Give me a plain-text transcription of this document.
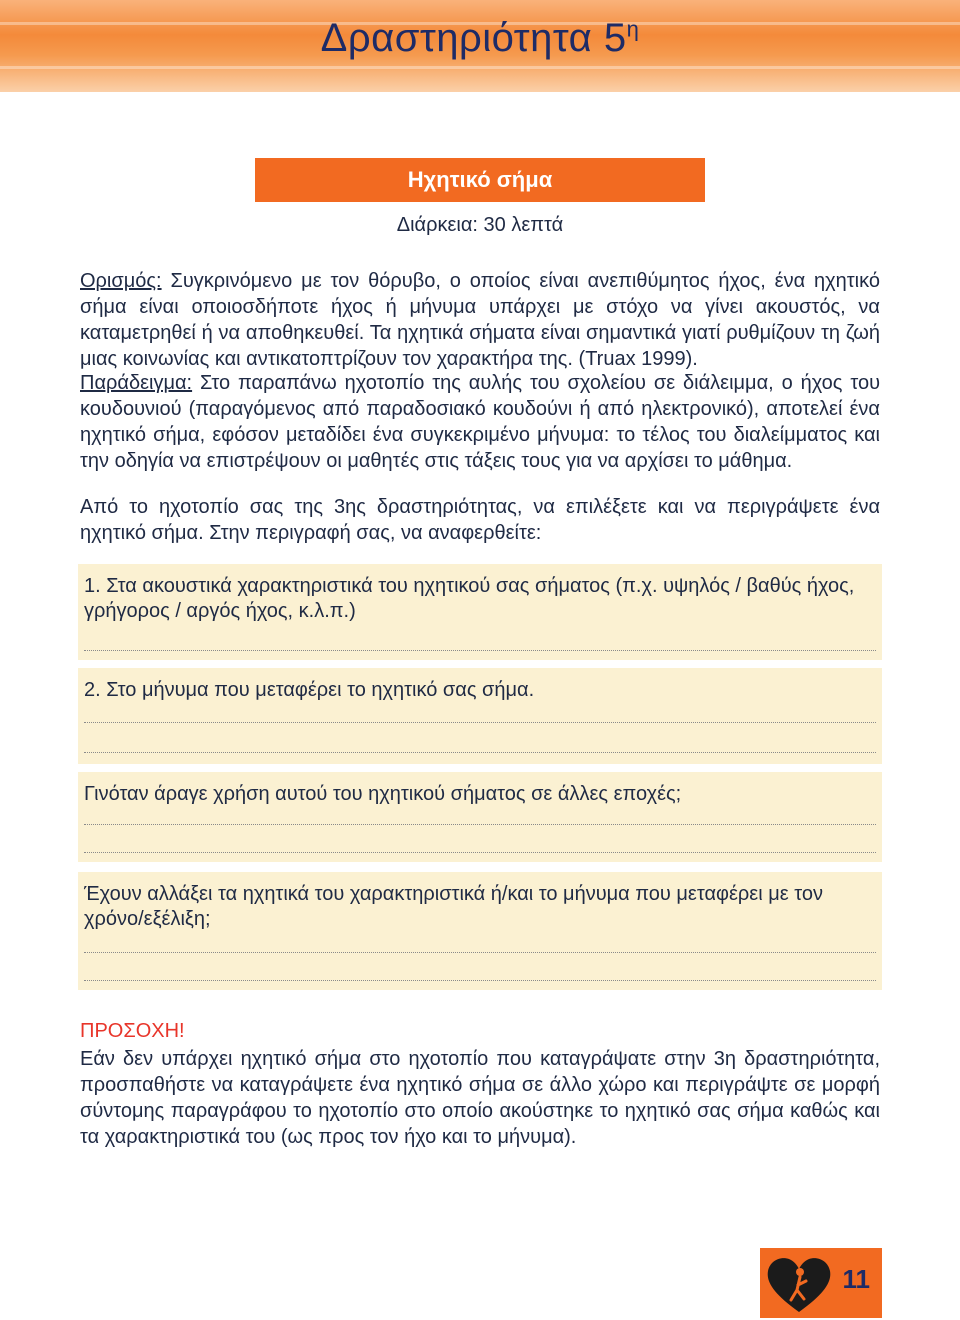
Δραστηριότητα $5^\eta$
Ηχητικό σήμα
Διάρκεια: 30 λεπτά

Ορισμός: Συγκρινόμενο με τον θόρυβο, ο οποίος είναι ανεπιθύμητος ήχος, ένα ηχητικό σήμα είναι οποιοσδήποτε ήχος ή μήνυμα υπάρχει με στόχο να γίνει ακουστός, να καταμετρηθεί ή να αποθηκευθεί. Τα ηχητικά σήματα είναι σημαντικά γιατί ρυθμίζουν τη ζωή μιας κοινωνίας και αντικατοπτρίζουν τον χαρακτήρα της. (Truax 1999).

Παράδειγμα: Στο παραπάνω ηχοτοπίο της αυλής του σχολείου σε διάλειμμα, ο ήχος του κουδουνιού (παραγόμενος από παραδοσιακό κουδούνι ή από ηλεκτρονικό), αποτελεί ένα ηχητικό σήμα, εφόσον μεταδίδει ένα συγκεκριμένο μήνυμα: το τέλος του διαλείμματος και την οδηγία να επιστρέψουν οι μαθητές στις τάξεις τους για να αρχίσει το μάθημα.

Από το ηχοτοπίο σας της 3ης δραστηριότητας, να επιλέξετε και να περιγράψετε ένα ηχητικό σήμα. Στην περιγραφή σας, να αναφερθείτε:

1. Στα ακουστικά χαρακτηριστικά του ηχητικού σας σήματος (π.χ. υψηλός / βαθύς ήχος, γρήγορος / αργός ήχος, κ.λ.π.)

2. Στο μήνυμα που μεταφέρει το ηχητικό σας σήμα.

Γινόταν άραγε χρήση αυτού του ηχητικού σήματος σε άλλες εποχές;

Έχουν αλλάξει τα ηχητικά του χαρακτηριστικά ή/και το μήνυμα που μεταφέρει με τον χρόνο/εξέλιξη;

ΠΡΟΣΟΧΗ!

Εάν δεν υπάρχει ηχητικό σήμα στο ηχοτοπίο που καταγράψατε στην 3η δραστηριότητα, προσπαθήστε να καταγράψετε ένα ηχητικό σήμα σε άλλο χώρο και περιγράψτε σε μορφή σύντομης παραγράφου το ηχοτοπίο στο οποίο ακούστηκε το ηχητικό σας σήμα καθώς και τα χαρακτηριστικά του (ως προς τον ήχο και το μήνυμα).

11
